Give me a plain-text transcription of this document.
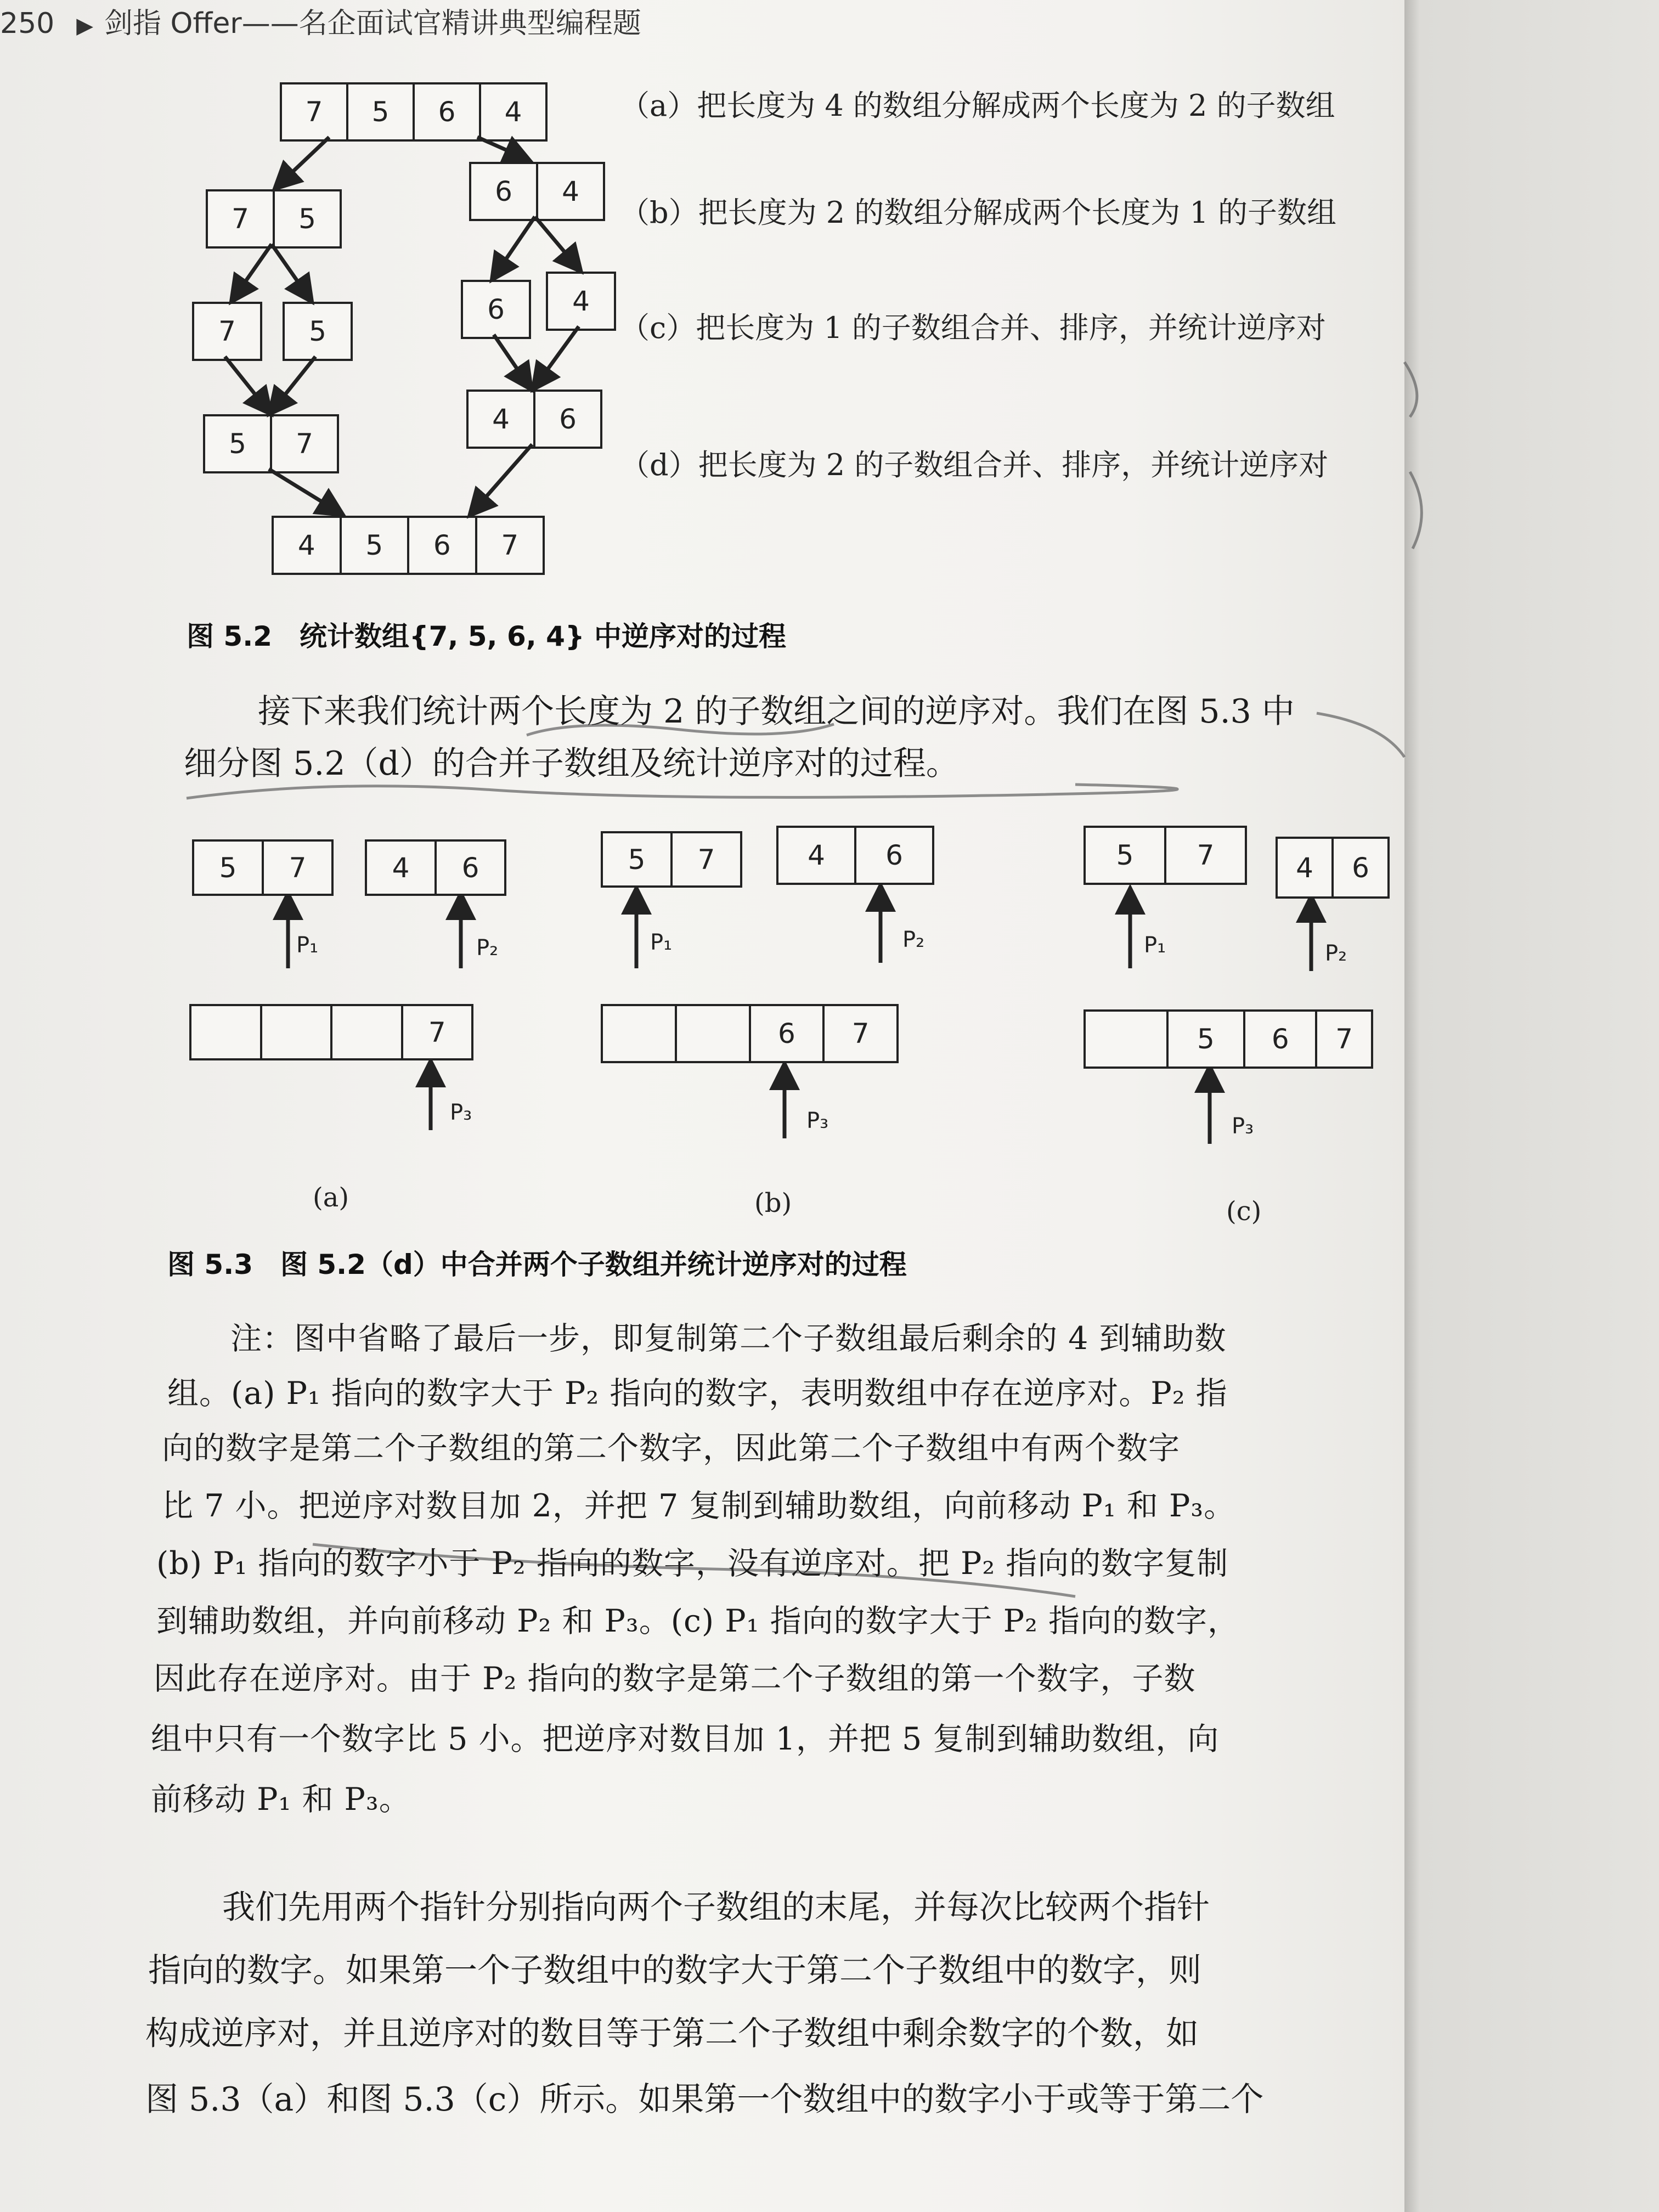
250 ▶ 剑指 Offer——名企面试官精讲典型编程题
7	5	6	4
7	5
6	4
7	5
6	4
5	7
4	6
4	5	6	7
（a）把长度为 4 的数组分解成两个长度为 2 的子数组
（b）把长度为 2 的数组分解成两个长度为 1 的子数组
（c）把长度为 1 的子数组合并、排序，并统计逆序对
（d）把长度为 2 的子数组合并、排序，并统计逆序对
图 5.2　统计数组{7, 5, 6, 4} 中逆序对的过程
接下来我们统计两个长度为 2 的子数组之间的逆序对。我们在图 5.3 中
细分图 5.2（d）的合并子数组及统计逆序对的过程。
5	7	4	6
P₁	P₂
7
P₃
(a)
5	7	4	6
P₁	P₂
6	7
P₃
(b)
5	7	4	6
P₁	P₂
5	6	7
P₃
(c)
图 5.3　图 5.2（d）中合并两个子数组并统计逆序对的过程
注：图中省略了最后一步，即复制第二个子数组最后剩余的 4 到辅助数
组。(a) P₁ 指向的数字大于 P₂ 指向的数字，表明数组中存在逆序对。P₂ 指
向的数字是第二个子数组的第二个数字，因此第二个子数组中有两个数字
比 7 小。把逆序对数目加 2，并把 7 复制到辅助数组，向前移动 P₁ 和 P₃。
(b) P₁ 指向的数字小于 P₂ 指向的数字，没有逆序对。把 P₂ 指向的数字复制
到辅助数组，并向前移动 P₂ 和 P₃。(c) P₁ 指向的数字大于 P₂ 指向的数字，
因此存在逆序对。由于 P₂ 指向的数字是第二个子数组的第一个数字，子数
组中只有一个数字比 5 小。把逆序对数目加 1，并把 5 复制到辅助数组，向
前移动 P₁ 和 P₃。
我们先用两个指针分别指向两个子数组的末尾，并每次比较两个指针
指向的数字。如果第一个子数组中的数字大于第二个子数组中的数字，则
构成逆序对，并且逆序对的数目等于第二个子数组中剩余数字的个数，如
图 5.3（a）和图 5.3（c）所示。如果第一个数组中的数字小于或等于第二个
